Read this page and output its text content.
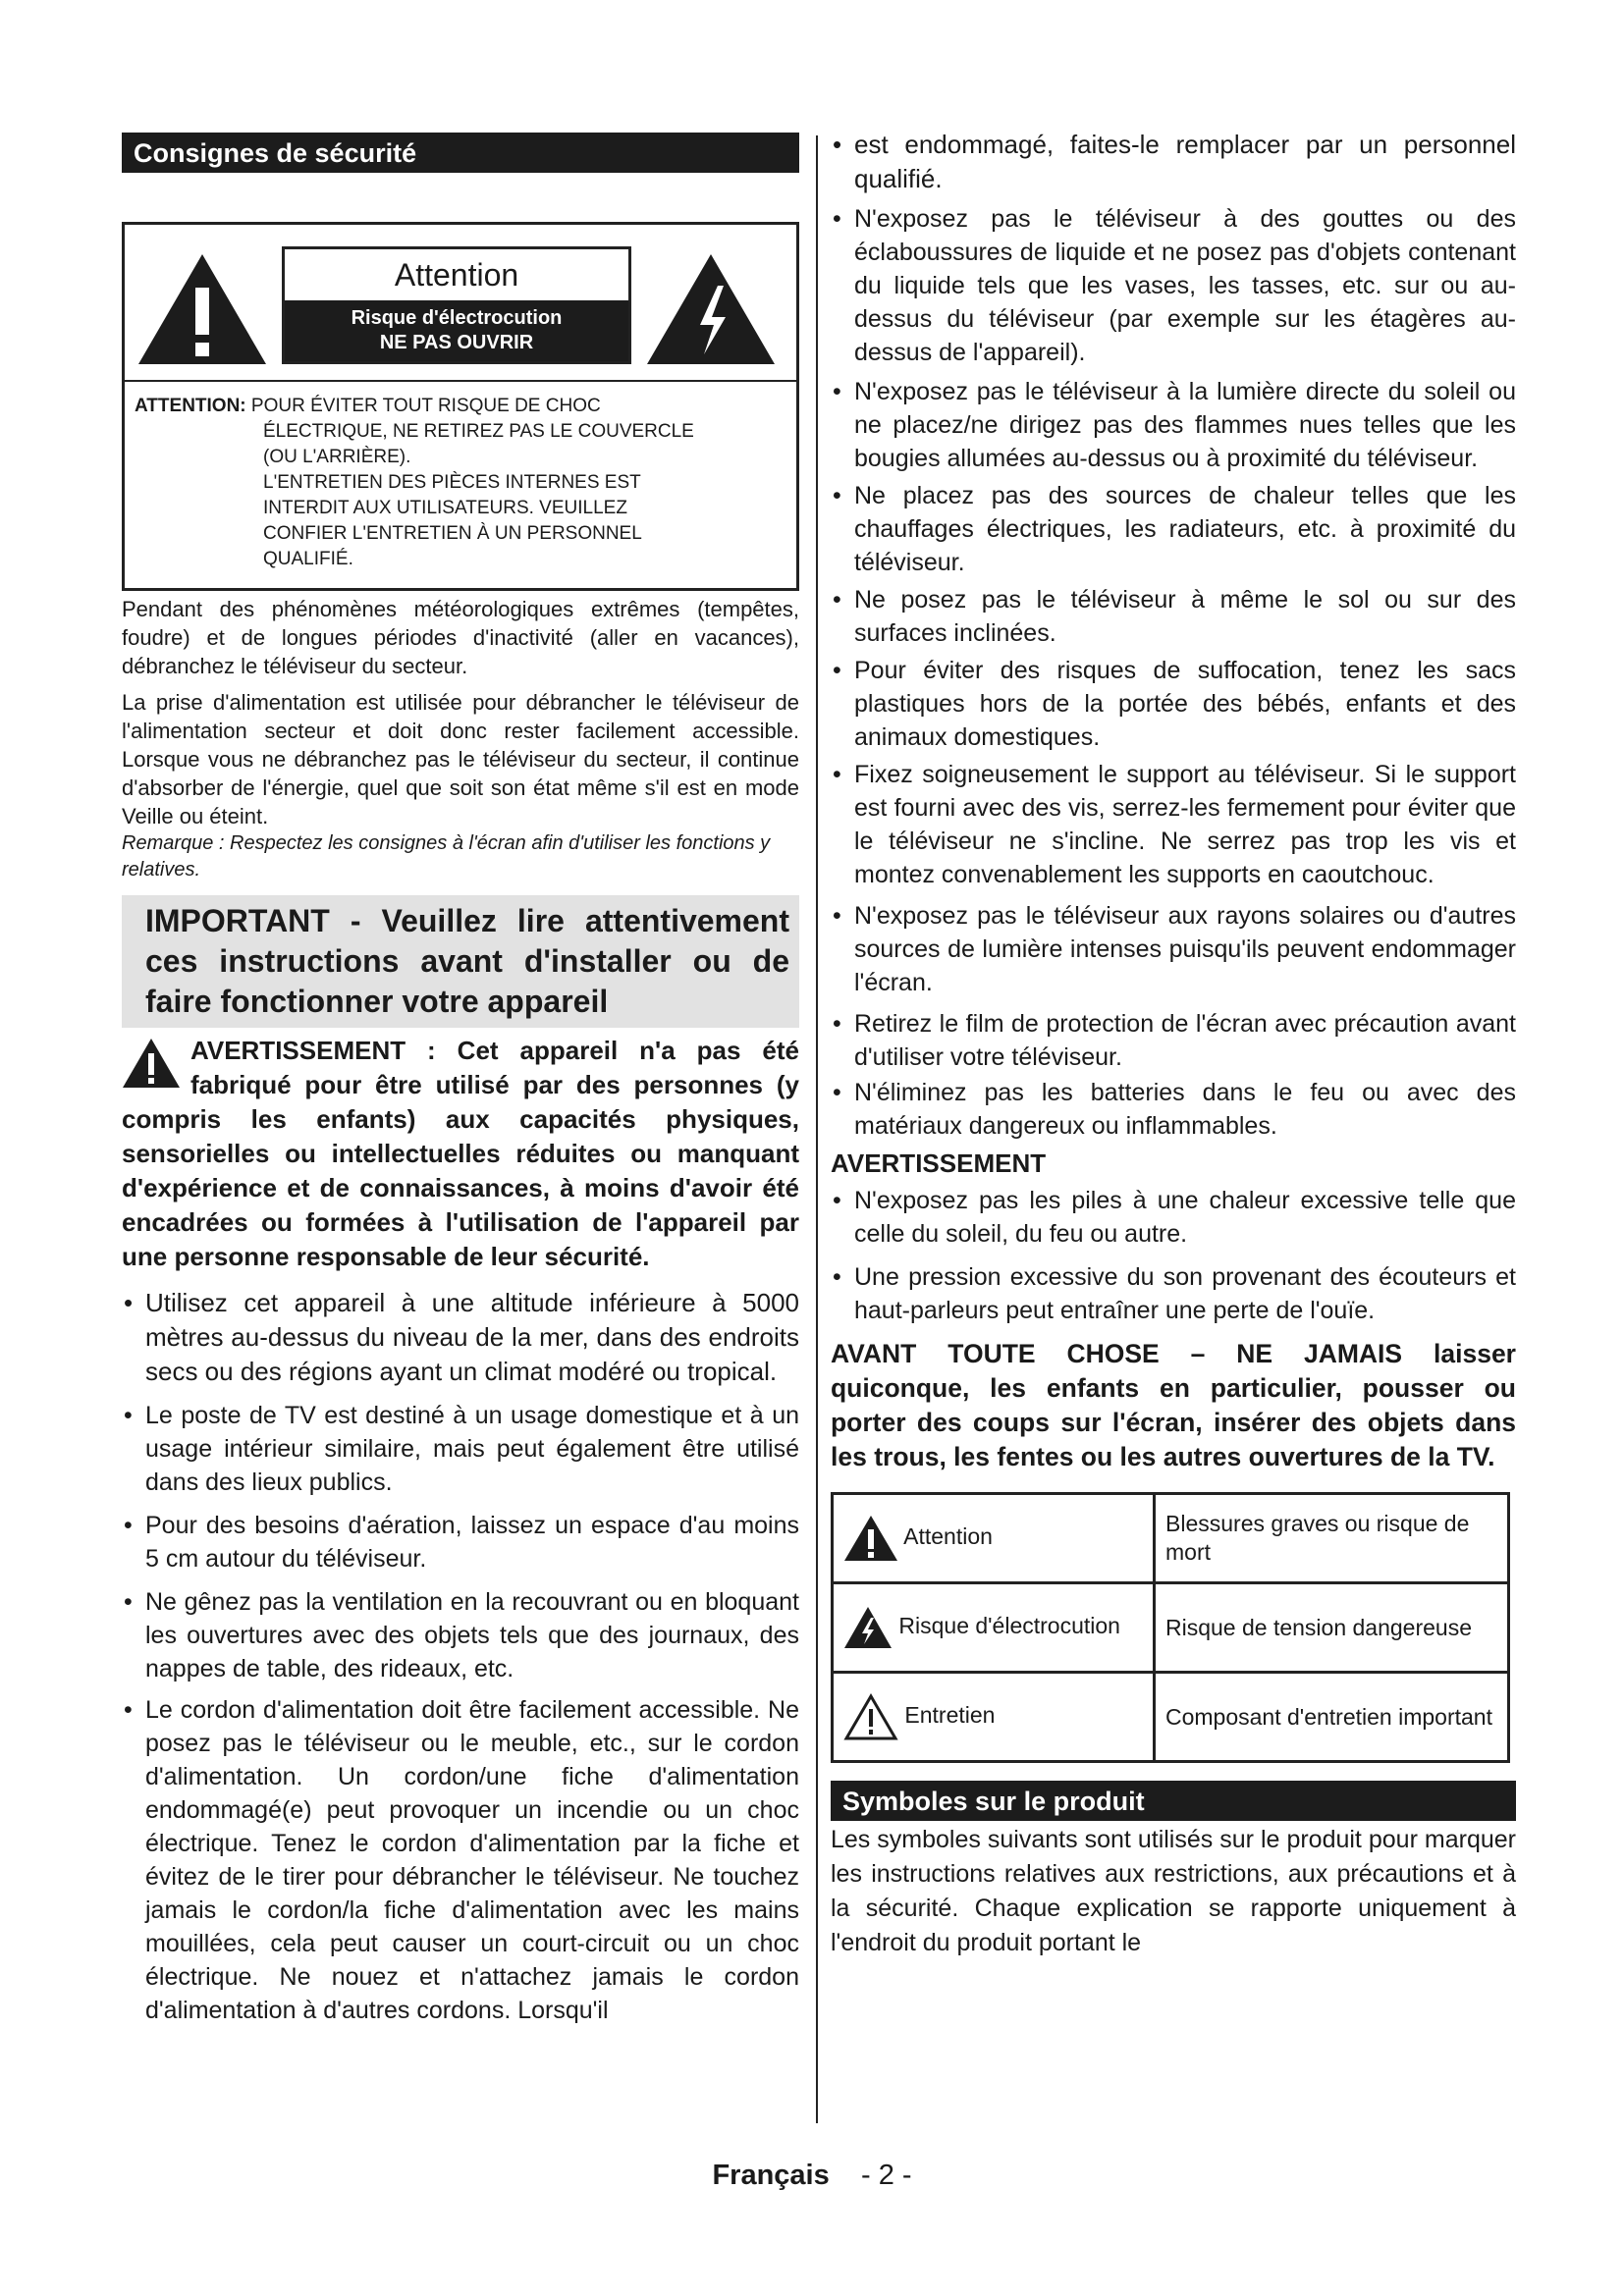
Consignes de sécurité
Attention
Risque d'électrocution
NE PAS OUVRIR
ATTENTION: POUR ÉVITER TOUT RISQUE DE CHOC
ÉLECTRIQUE, NE RETIREZ PAS LE COUVERCLE
(OU L'ARRIÈRE).
L'ENTRETIEN DES PIÈCES INTERNES EST
INTERDIT AUX UTILISATEURS. VEUILLEZ
CONFIER L'ENTRETIEN À UN PERSONNEL
QUALIFIÉ.

Pendant des phénomènes météorologiques extrêmes (tempêtes, foudre) et de longues périodes d'inactivité (aller en vacances), débranchez le téléviseur du secteur.

La prise d'alimentation est utilisée pour débrancher le téléviseur de l'alimentation secteur et doit donc rester facilement accessible. Lorsque vous ne débranchez pas le téléviseur du secteur, il continue d'absorber de l'énergie, quel que soit son état même s'il est en mode Veille ou éteint.

Remarque : Respectez les consignes à l'écran afin d'utiliser les fonctions y relatives.

IMPORTANT - Veuillez lire attentivement ces instructions avant d'installer ou de faire fonctionner votre appareil
AVERTISSEMENT : Cet appareil n'a pas été fabriqué pour être utilisé par des personnes (y compris les enfants) aux capacités physiques, sensorielles ou intellectuelles réduites ou manquant d'expérience et de connaissances, à moins d'avoir été encadrées ou formées à l'utilisation de l'appareil par une personne responsable de leur sécurité.
• Utilisez cet appareil à une altitude inférieure à 5000 mètres au-dessus du niveau de la mer, dans des endroits secs ou des régions ayant un climat modéré ou tropical.
• Le poste de TV est destiné à un usage domestique et à un usage intérieur similaire, mais peut également être utilisé dans des lieux publics.
• Pour des besoins d'aération, laissez un espace d'au moins 5 cm autour du téléviseur.
• Ne gênez pas la ventilation en la recouvrant ou en bloquant les ouvertures avec des objets tels que des journaux, des nappes de table, des rideaux, etc.
• Le cordon d'alimentation doit être facilement accessible. Ne posez pas le téléviseur ou le meuble, etc., sur le cordon d'alimentation. Un cordon/une fiche d'alimentation endommagé(e) peut provoquer un incendie ou un choc électrique. Tenez le cordon d'alimentation par la fiche et évitez de le tirer pour débrancher le téléviseur. Ne touchez jamais le cordon/la fiche d'alimentation avec les mains mouillées, cela peut causer un court-circuit ou un choc électrique. Ne nouez et n'attachez jamais le cordon d'alimentation à d'autres cordons. Lorsqu'il
• est endommagé, faites-le remplacer par un personnel qualifié.
• N'exposez pas le téléviseur à des gouttes ou des éclaboussures de liquide et ne posez pas d'objets contenant du liquide tels que les vases, les tasses, etc. sur ou au-dessus du téléviseur (par exemple sur les étagères au-dessus de l'appareil).
• N'exposez pas le téléviseur à la lumière directe du soleil ou ne placez/ne dirigez pas des flammes nues telles que les bougies allumées au-dessus ou à proximité du téléviseur.
• Ne placez pas des sources de chaleur telles que les chauffages électriques, les radiateurs, etc. à proximité du téléviseur.
• Ne posez pas le téléviseur à même le sol ou sur des surfaces inclinées.
• Pour éviter des risques de suffocation, tenez les sacs plastiques hors de la portée des bébés, enfants et des animaux domestiques.
• Fixez soigneusement le support au téléviseur. Si le support est fourni avec des vis, serrez-les fermement pour éviter que le téléviseur ne s'incline. Ne serrez pas trop les vis et montez convenablement les supports en caoutchouc.
• N'exposez pas le téléviseur aux rayons solaires ou d'autres sources de lumière intenses puisqu'ils peuvent endommager l'écran.
• Retirez le film de protection de l'écran avec précaution avant d'utiliser votre téléviseur.
• N'éliminez pas les batteries dans le feu ou avec des matériaux dangereux ou inflammables.
AVERTISSEMENT
• N'exposez pas les piles à une chaleur excessive telle que celle du soleil, du feu ou autre.
• Une pression excessive du son provenant des écouteurs et haut-parleurs peut entraîner une perte de l'ouïe.
AVANT TOUTE CHOSE – NE JAMAIS laisser quiconque, les enfants en particulier, pousser ou porter des coups sur l'écran, insérer des objets dans les trous, les fentes ou les autres ouvertures de la TV.
Attention	Blessures graves ou risque de mort
Risque d'électrocution	Risque de tension dangereuse
Entretien	Composant d'entretien important
Symboles sur le produit

Les symboles suivants sont utilisés sur le produit pour marquer les instructions relatives aux restrictions, aux précautions et à la sécurité. Chaque explication se rapporte uniquement à l'endroit du produit portant le

Français - 2 -
